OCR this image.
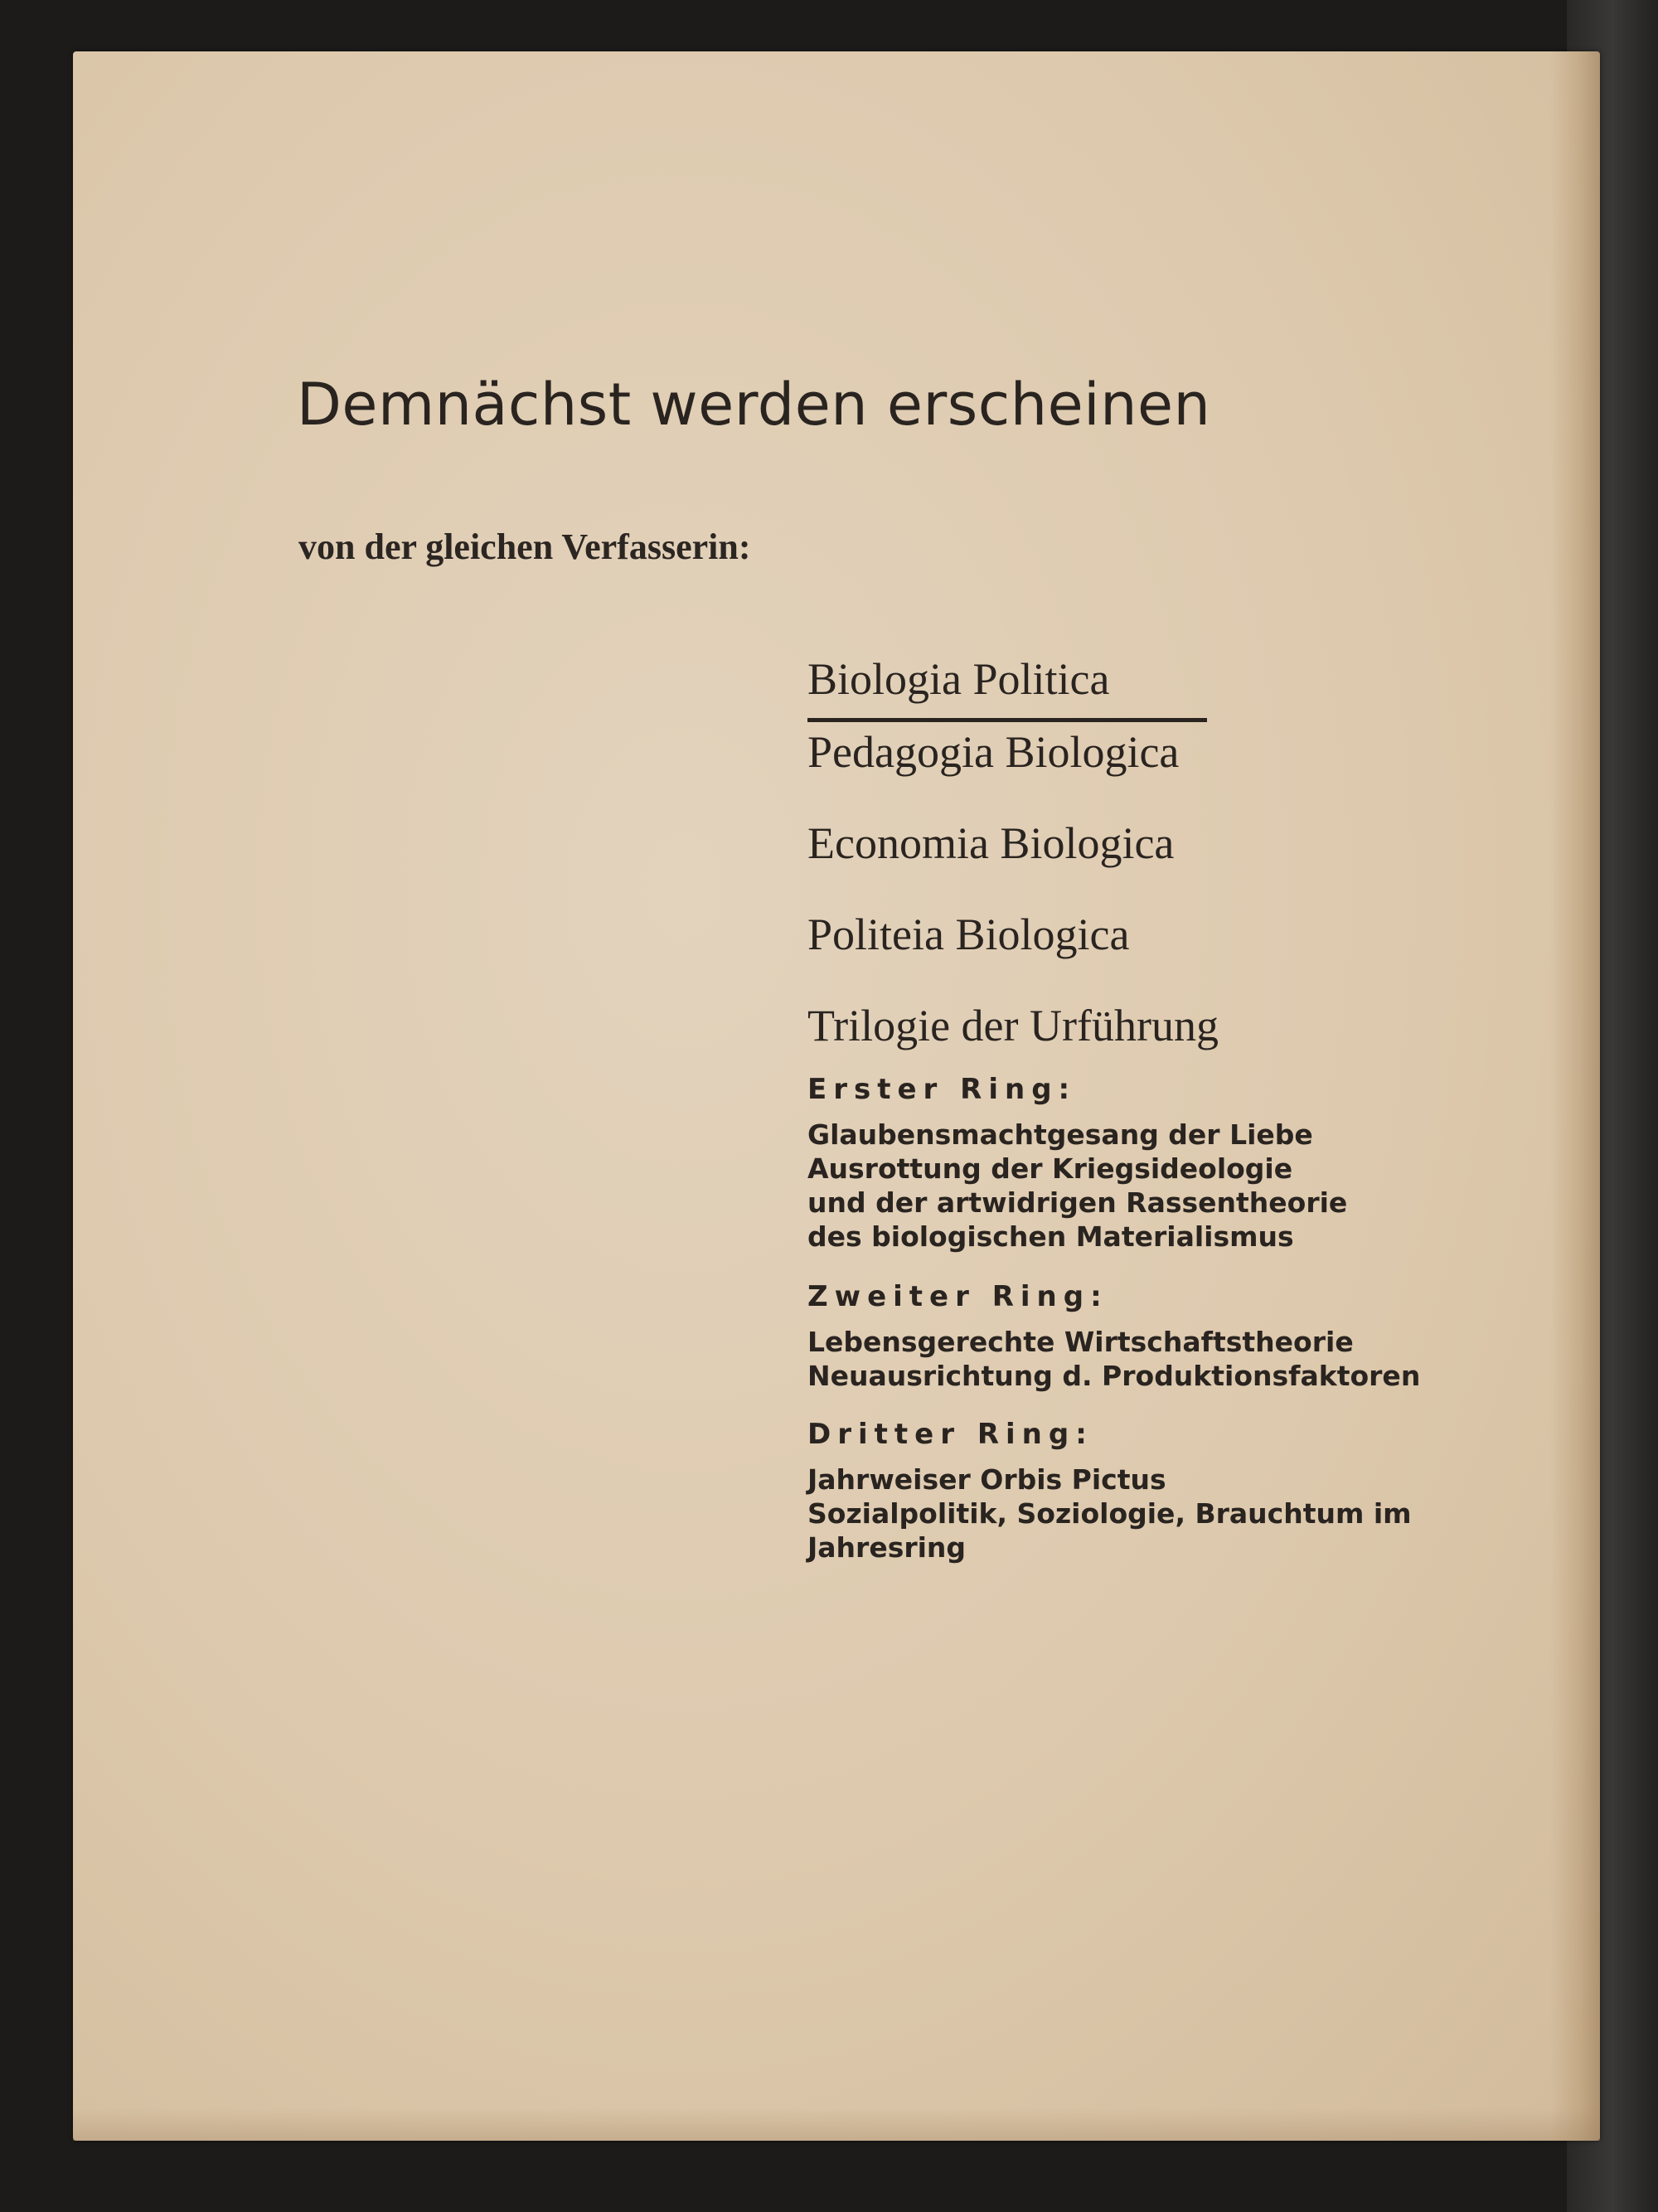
Demnächst werden erscheinen

von der gleichen Verfasserin:

Biologia Politica
Pedagogia Biologica
Economia Biologica
Politeia Biologica
Trilogie der Urführung
Erster Ring:
Glaubensmachtgesang der Liebe
Ausrottung der Kriegsideologie
und der artwidrigen Rassentheorie
des biologischen Materialismus
Zweiter Ring:
Lebensgerechte Wirtschaftstheorie
Neuausrichtung d. Produktionsfaktoren
Dritter Ring:
Jahrweiser Orbis Pictus
Sozialpolitik, Soziologie, Brauchtum im
Jahresring
